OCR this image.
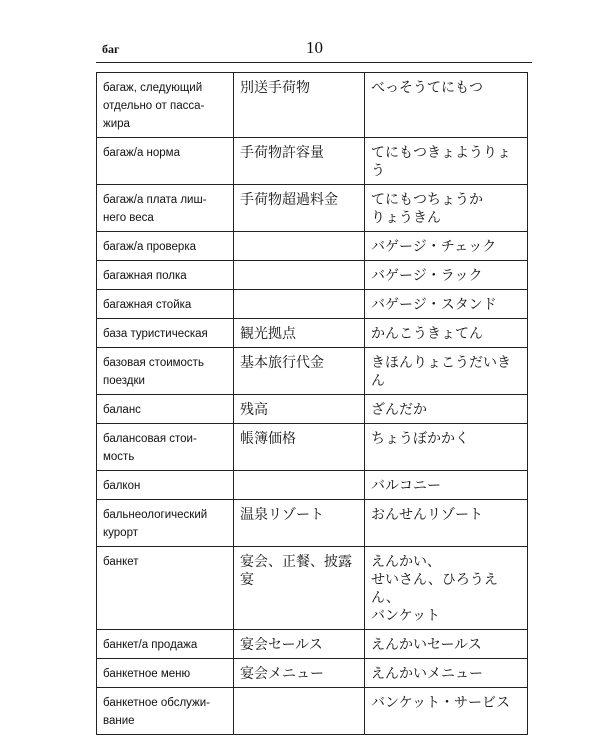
баг	10
багаж, следующий
отдельно от пасса-
жира	別送手荷物	べっそうてにもつ

багаж/а норма	手荷物許容量	てにもつきょようりょう

багаж/а плата лиш-
него веса	手荷物超過料金	てにもつちょうか
りょうきん

багаж/а проверка		バゲージ・チェック

багажная полка		バゲージ・ラック

багажная стойка		バゲージ・スタンド

база туристическая	観光拠点	かんこうきょてん

базовая стоимость
поездки	基本旅行代金	きほんりょこうだいきん

баланс	残高	ざんだか

балансовая стои-
мость	帳簿価格	ちょうぼかかく

балкон		バルコニー

бальнеологический
курорт	温泉リゾート	おんせんリゾート

банкет	宴会、正餐、披露宴	えんかい、
せいさん、ひろうえん、
バンケット

банкет/а продажа	宴会セールス	えんかいセールス

банкетное меню	宴会メニュー	えんかいメニュー

банкетное обслужи-
вание		バンケット・サービス
